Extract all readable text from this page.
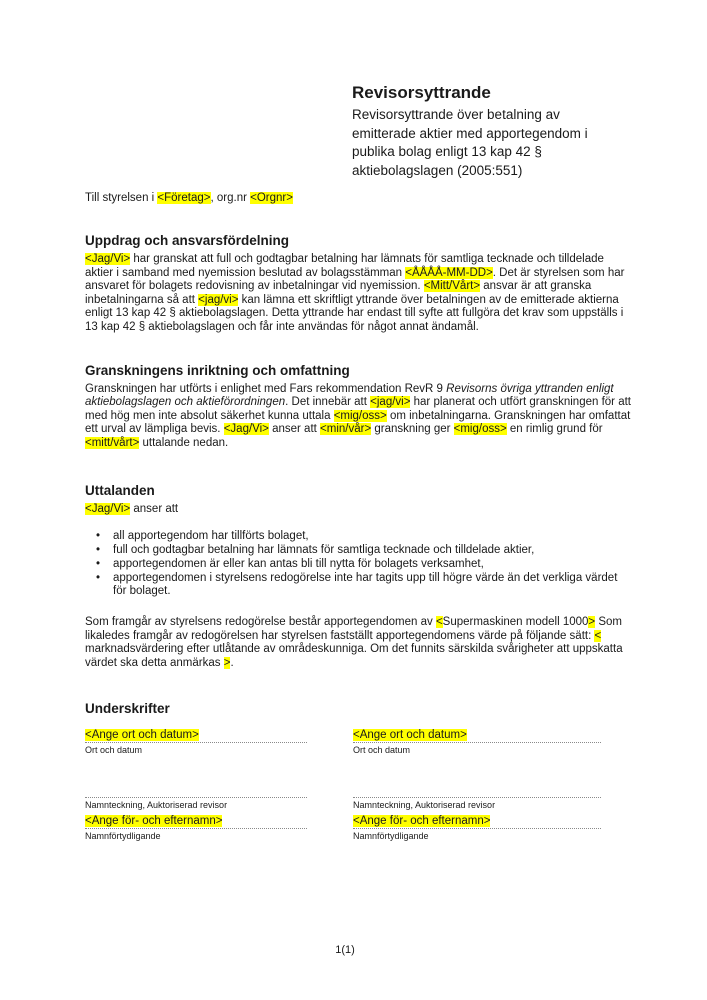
Revisorsyttrande
Revisorsyttrande över betalning av
emitterade aktier med apportegendom i
publika bolag enligt 13 kap 42 §
aktiebolagslagen (2005:551)
Till styrelsen i <Företag>, org.nr <Orgnr>
Uppdrag och ansvarsfördelning

<Jag/Vi> har granskat att full och godtagbar betalning har lämnats för samtliga tecknade och tilldelade aktier i samband med nyemission beslutad av bolagsstämman <ÅÅÅÅ-MM-DD>. Det är styrelsen som har ansvaret för bolagets redovisning av inbetalningar vid nyemission. <Mitt/Vårt> ansvar är att granska inbetalningarna så att <jag/vi> kan lämna ett skriftligt yttrande över betalningen av de emitterade aktierna enligt 13 kap 42 § aktiebolagslagen. Detta yttrande har endast till syfte att fullgöra det krav som uppställs i 13 kap 42 § aktiebolagslagen och får inte användas för något annat ändamål.

Granskningens inriktning och omfattning

Granskningen har utförts i enlighet med Fars rekommendation RevR 9 Revisorns övriga yttranden enligt aktiebolagslagen och aktieförordningen. Det innebär att <jag/vi> har planerat och utfört granskningen för att med hög men inte absolut säkerhet kunna uttala <mig/oss> om inbetalningarna. Granskningen har omfattat ett urval av lämpliga bevis. <Jag/Vi> anser att <min/vår> granskning ger <mig/oss> en rimlig grund för <mitt/vårt> uttalande nedan.

Uttalanden

<Jag/Vi> anser att

• all apportegendom har tillförts bolaget,
• full och godtagbar betalning har lämnats för samtliga tecknade och tilldelade aktier,
• apportegendomen är eller kan antas bli till nytta för bolagets verksamhet,
• apportegendomen i styrelsens redogörelse inte har tagits upp till högre värde än det verkliga värdet för bolaget.

Som framgår av styrelsens redogörelse består apportegendomen av <Supermaskinen modell 1000> Som likaledes framgår av redogörelsen har styrelsen fastställt apportegendomens värde på följande sätt: < marknadsvärdering efter utlåtande av områdeskunniga. Om det funnits särskilda svårigheter att uppskatta värdet ska detta anmärkas >.

Underskrifter
<Ange ort och datum>
Ort och datum
Namnteckning, Auktoriserad revisor
<Ange för- och efternamn>
Namnförtydligande
<Ange ort och datum>
Ort och datum
Namnteckning, Auktoriserad revisor
<Ange för- och efternamn>
Namnförtydligande
1(1)
